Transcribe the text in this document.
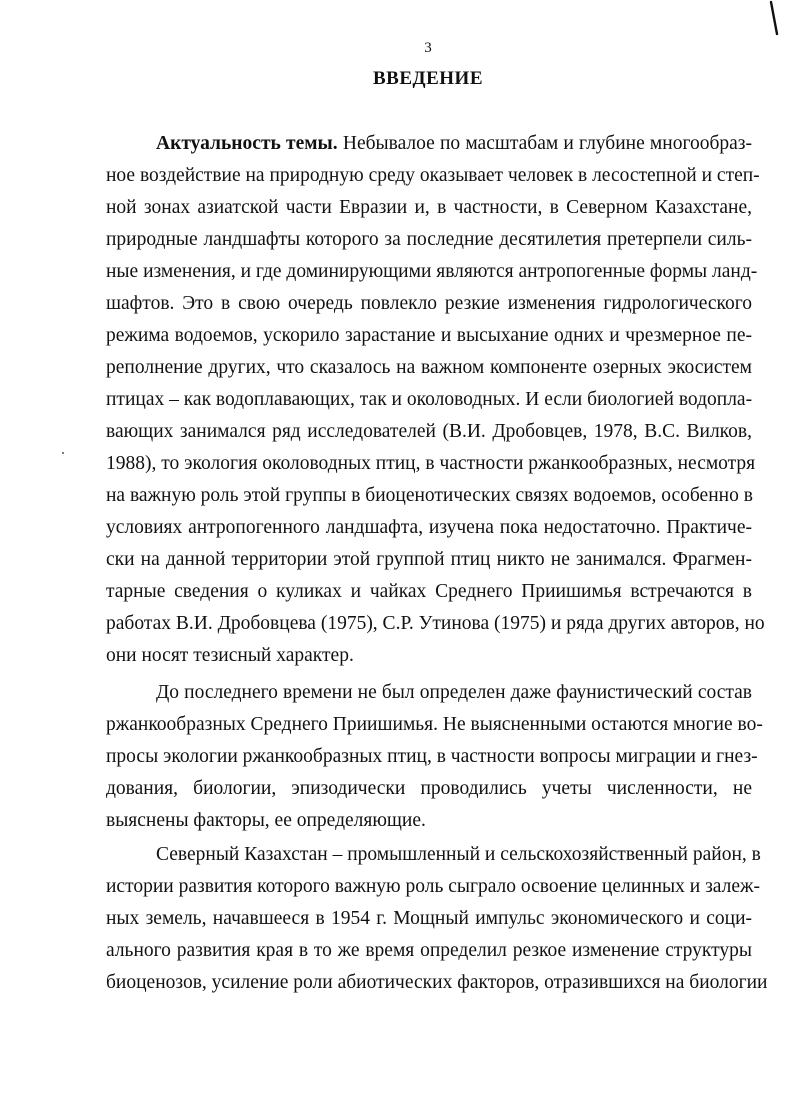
3
ВВЕДЕНИЕ
Актуальность темы. Небывалое по масштабам и глубине многообраз-
ное воздействие на природную среду оказывает человек в лесостепной и степ-
ной зонах азиатской части Евразии и, в частности, в Северном Казахстане,
природные ландшафты которого за последние десятилетия претерпели силь-
ные изменения, и где доминирующими являются антропогенные формы ланд-
шафтов. Это в свою очередь повлекло резкие изменения гидрологического
режима водоемов, ускорило зарастание и высыхание одних и чрезмерное пе-
реполнение других, что сказалось на важном компоненте озерных экосистем
птицах – как водоплавающих, так и околоводных. И если биологией водопла-
вающих занимался ряд исследователей (В.И. Дробовцев, 1978, В.С. Вилков,
1988), то экология околоводных птиц, в частности ржанкообразных, несмотря
на важную роль этой группы в биоценотических связях водоемов, особенно в
условиях антропогенного ландшафта, изучена пока недостаточно. Практиче-
ски на данной территории этой группой птиц никто не занимался. Фрагмен-
тарные сведения о куликах и чайках Среднего Приишимья встречаются в
работах В.И. Дробовцева (1975), С.Р. Утинова (1975) и ряда других авторов, но
они носят тезисный характер.
До последнего времени не был определен даже фаунистический состав
ржанкообразных Среднего Приишимья. Не выясненными остаются многие во-
просы экологии ржанкообразных птиц, в частности вопросы миграции и гнез-
дования, биологии, эпизодически проводились учеты численности, не
выяснены факторы, ее определяющие.
Северный Казахстан – промышленный и сельскохозяйственный район, в
истории развития которого важную роль сыграло освоение целинных и залеж-
ных земель, начавшееся в 1954 г. Мощный импульс экономического и соци-
ального развития края в то же время определил резкое изменение структуры
биоценозов, усиление роли абиотических факторов, отразившихся на биологии
